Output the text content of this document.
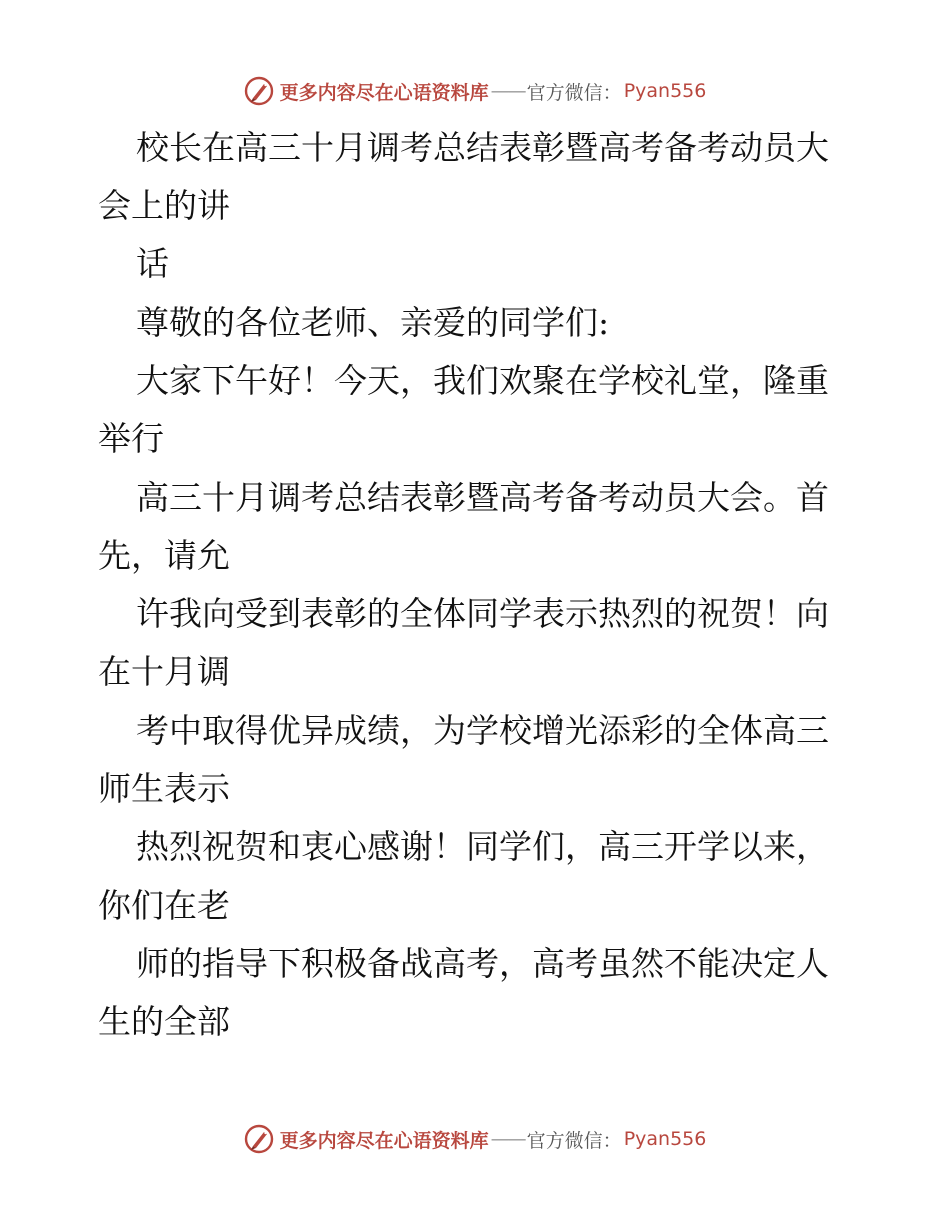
更多内容尽在心语资料库 —— 官方微信： Pyan556
校长在高三十月调考总结表彰暨高考备考动员大
会上的讲
话
尊敬的各位老师、亲爱的同学们:
大家下午好！今天，我们欢聚在学校礼堂，隆重
举行
高三十月调考总结表彰暨高考备考动员大会。首
先，请允
许我向受到表彰的全体同学表示热烈的祝贺！向
在十月调
考中取得优异成绩，为学校增光添彩的全体高三
师生表示
热烈祝贺和衷心感谢！同学们，高三开学以来，
你们在老
师的指导下积极备战高考，高考虽然不能决定人
生的全部
更多内容尽在心语资料库 —— 官方微信： Pyan556
